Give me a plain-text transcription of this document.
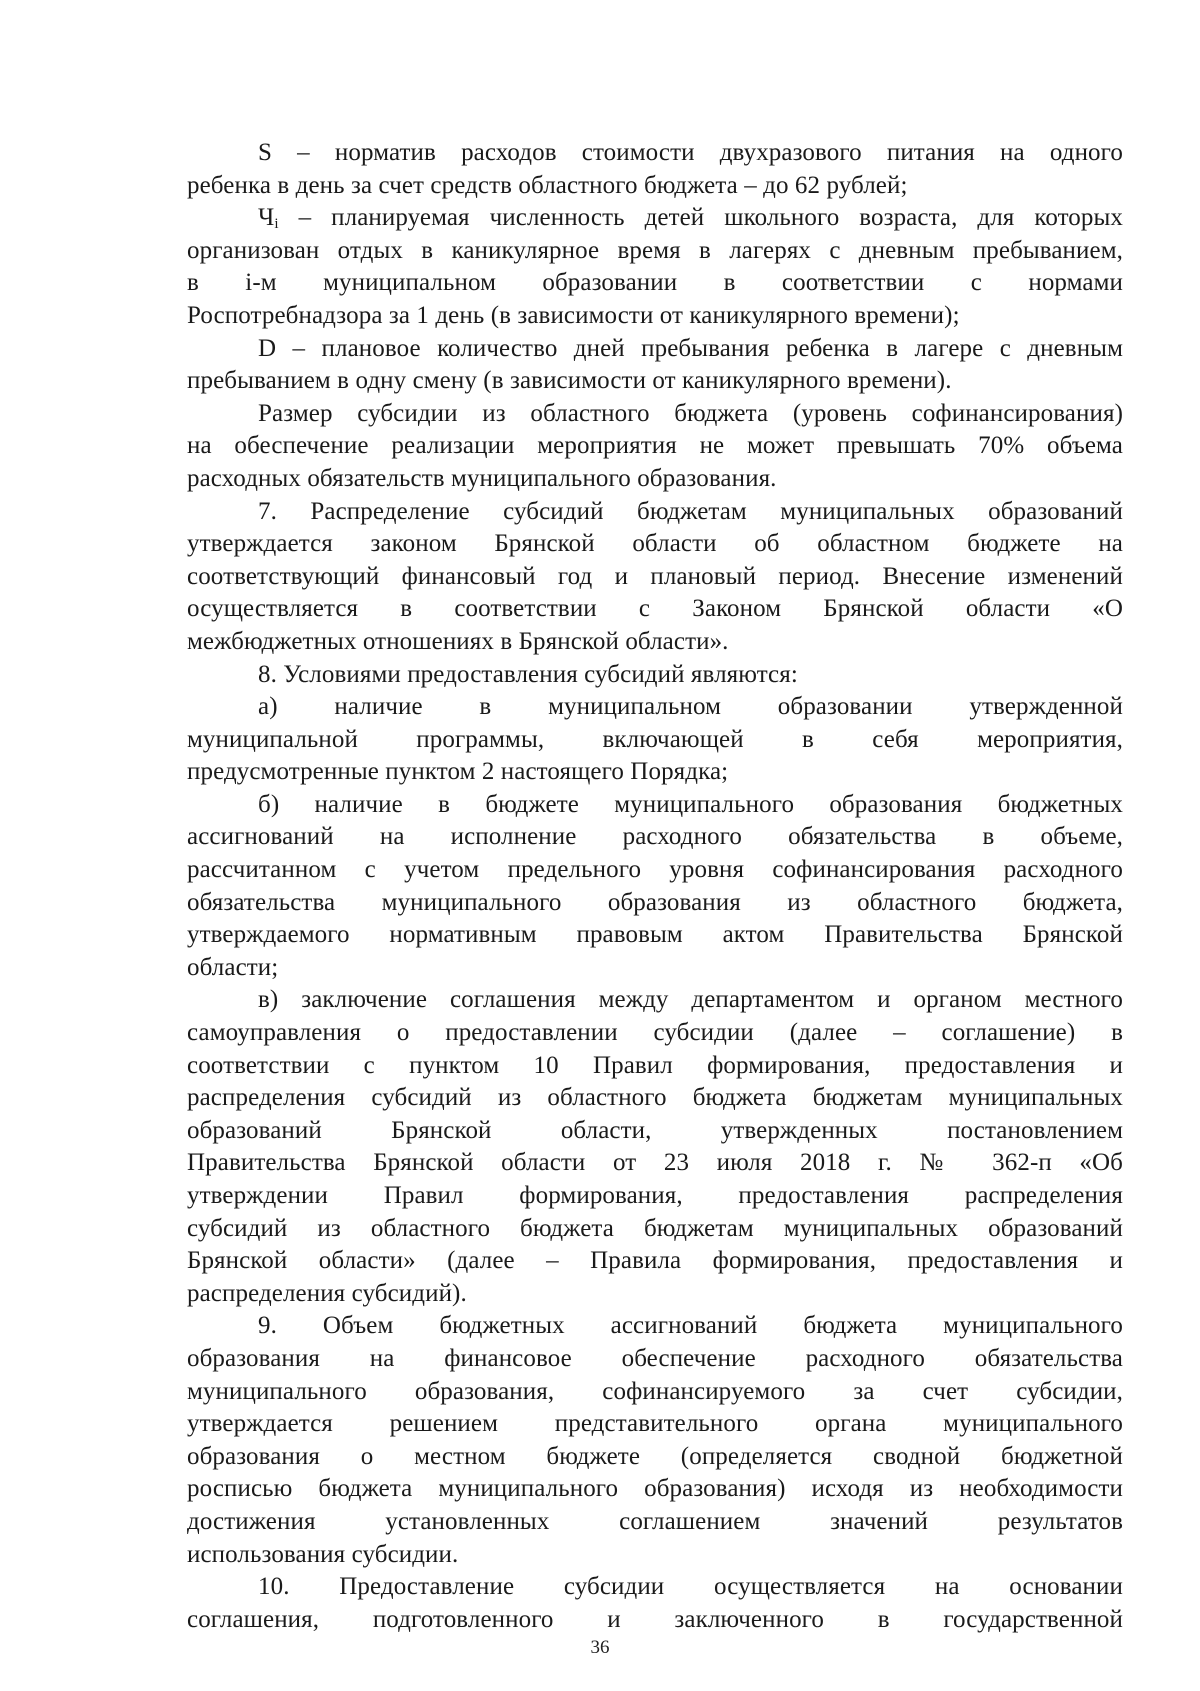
S – норматив расходов стоимости двухразового питания на одного
ребенка в день за счет средств областного бюджета – до 62 рублей;
$Ч_i$ – планируемая численность детей школьного возраста, для которых
организован отдых в каникулярное время в лагерях с дневным пребыванием,
в i-м муниципальном образовании в соответствии с нормами
Роспотребнадзора за 1 день (в зависимости от каникулярного времени);
D – плановое количество дней пребывания ребенка в лагере с дневным
пребыванием в одну смену (в зависимости от каникулярного времени).
Размер субсидии из областного бюджета (уровень софинансирования)
на обеспечение реализации мероприятия не может превышать 70% объема
расходных обязательств муниципального образования.
7. Распределение субсидий бюджетам муниципальных образований
утверждается законом Брянской области об областном бюджете на
соответствующий финансовый год и плановый период. Внесение изменений
осуществляется в соответствии с Законом Брянской области «О
межбюджетных отношениях в Брянской области».
8. Условиями предоставления субсидий являются:
а) наличие в муниципальном образовании утвержденной
муниципальной программы, включающей в себя мероприятия,
предусмотренные пунктом 2 настоящего Порядка;
б) наличие в бюджете муниципального образования бюджетных
ассигнований на исполнение расходного обязательства в объеме,
рассчитанном с учетом предельного уровня софинансирования расходного
обязательства муниципального образования из областного бюджета,
утверждаемого нормативным правовым актом Правительства Брянской
области;
в) заключение соглашения между департаментом и органом местного
самоуправления о предоставлении субсидии (далее – соглашение) в
соответствии с пунктом 10 Правил формирования, предоставления и
распределения субсидий из областного бюджета бюджетам муниципальных
образований Брянской области, утвержденных постановлением
Правительства Брянской области от 23 июля 2018 г. № 362-п «Об
утверждении Правил формирования, предоставления распределения
субсидий из областного бюджета бюджетам муниципальных образований
Брянской области» (далее – Правила формирования, предоставления и
распределения субсидий).
9. Объем бюджетных ассигнований бюджета муниципального
образования на финансовое обеспечение расходного обязательства
муниципального образования, софинансируемого за счет субсидии,
утверждается решением представительного органа муниципального
образования о местном бюджете (определяется сводной бюджетной
росписью бюджета муниципального образования) исходя из необходимости
достижения установленных соглашением значений результатов
использования субсидии.
10. Предоставление субсидии осуществляется на основании
соглашения, подготовленного и заключенного в государственной
36
